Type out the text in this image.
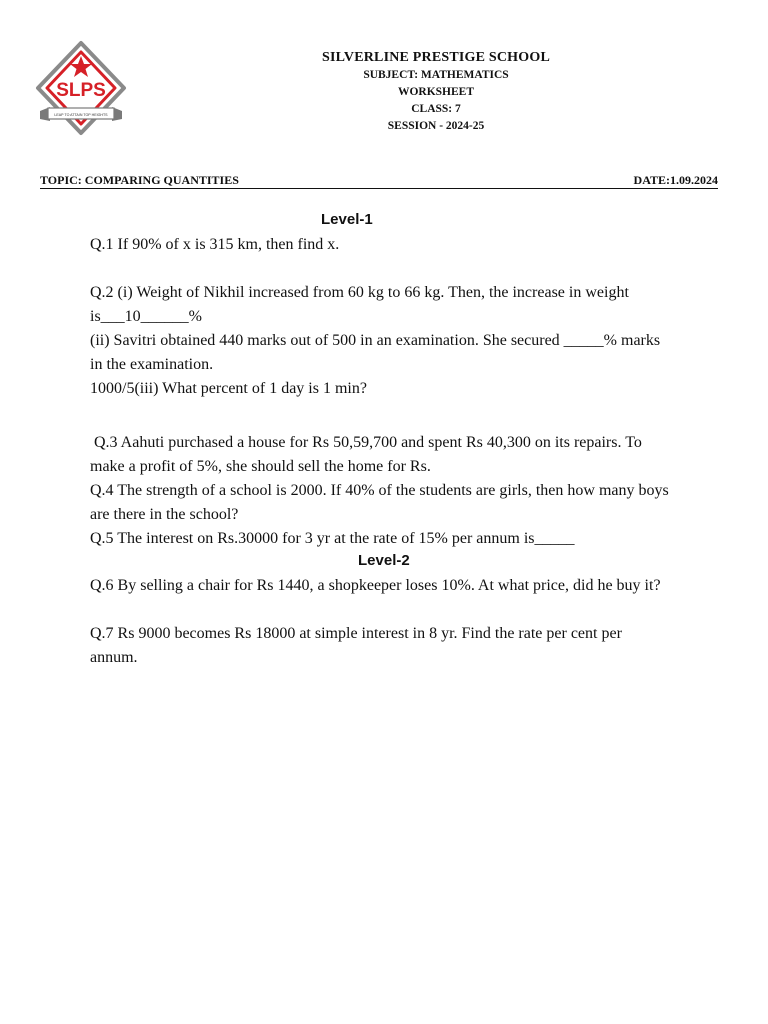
SLPS
LEAP TO ATTAIN TOP HEIGHTS
SILVERLINE PRESTIGE SCHOOL
SUBJECT: MATHEMATICS
WORKSHEET
CLASS: 7
SESSION - 2024-25
TOPIC: COMPARING QUANTITIES	DATE:1.09.2024
Level-1
Q.1 If 90% of x is 315 km, then find x.
Q.2 (i) Weight of Nikhil increased from 60 kg to 66 kg. Then, the increase in weight
is___10______%
(ii) Savitri obtained 440 marks out of 500 in an examination. She secured _____% marks
in the examination.
1000/5(iii) What percent of 1 day is 1 min?
Q.3 Aahuti purchased a house for Rs 50,59,700 and spent Rs 40,300 on its repairs. To
make a profit of 5%, she should sell the home for Rs.
Q.4 The strength of a school is 2000. If 40% of the students are girls, then how many boys
are there in the school?
Q.5 The interest on Rs.30000 for 3 yr at the rate of 15% per annum is_____
Level-2
Q.6 By selling a chair for Rs 1440, a shopkeeper loses 10%. At what price, did he buy it?
Q.7 Rs 9000 becomes Rs 18000 at simple interest in 8 yr. Find the rate per cent per
annum.
